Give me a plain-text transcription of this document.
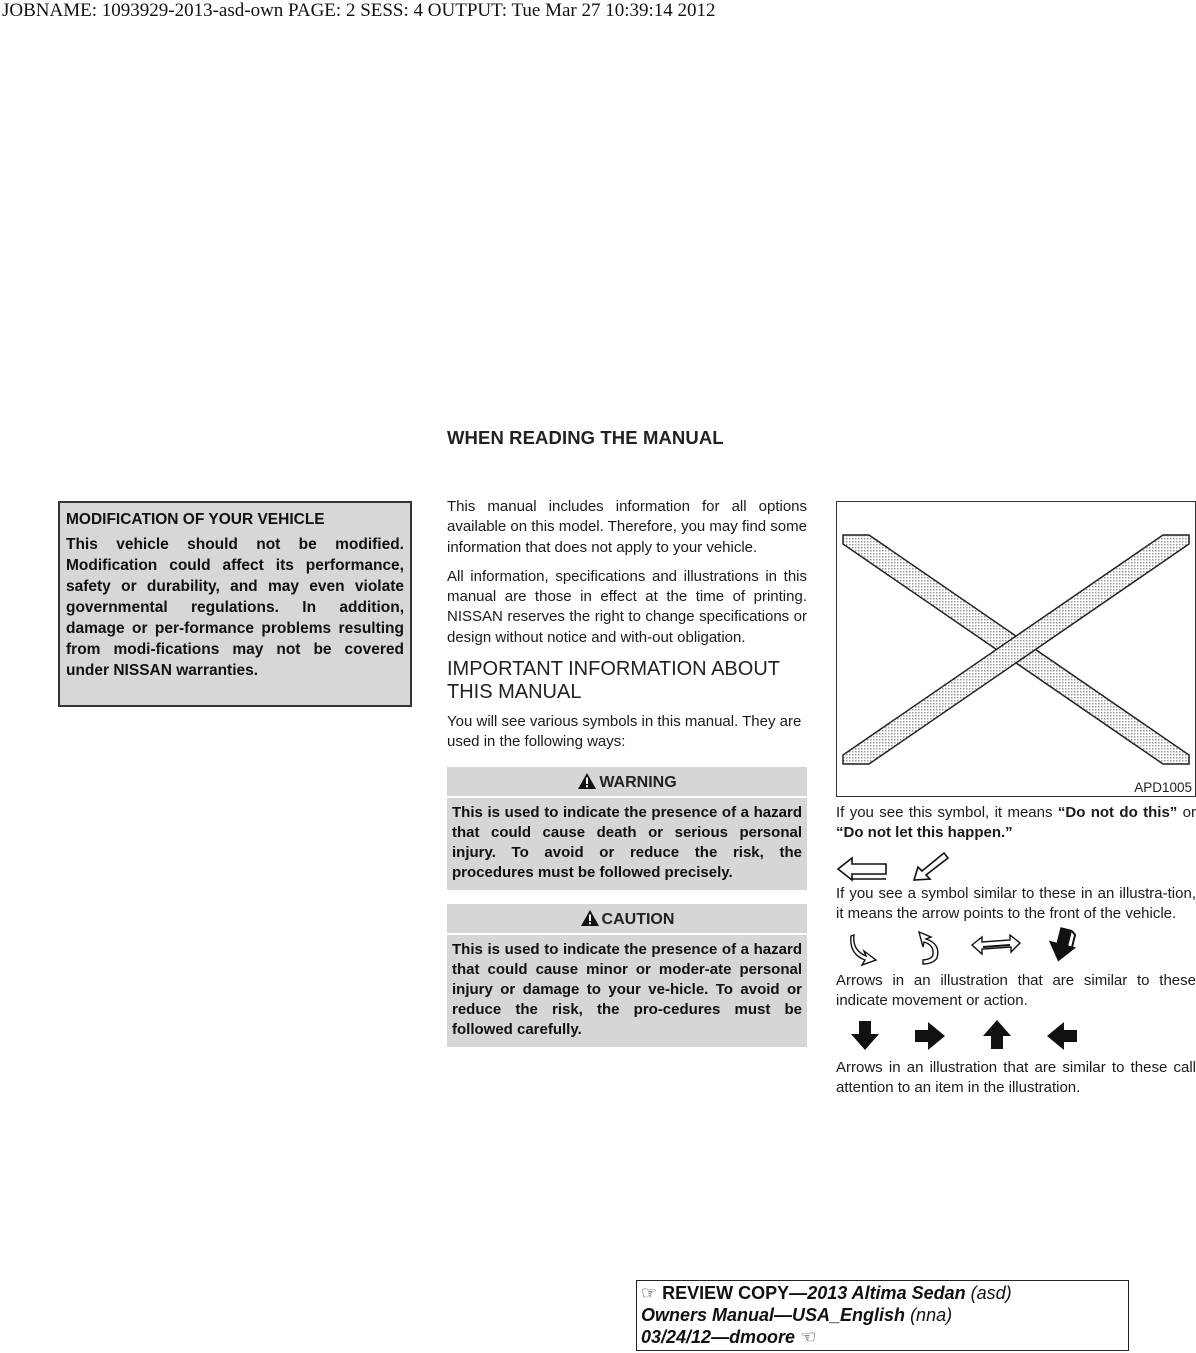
JOBNAME: 1093929-2013-asd-own PAGE: 2 SESS: 4 OUTPUT: Tue Mar 27 10:39:14 2012
WHEN READING THE MANUAL
MODIFICATION OF YOUR VEHICLE
This vehicle should not be modified. Modification could affect its performance, safety or durability, and may even violate governmental regulations. In addition, damage or per-formance problems resulting from modi-fications may not be covered under NISSAN warranties.

This manual includes information for all options available on this model. Therefore, you may find some information that does not apply to your vehicle.

All information, specifications and illustrations in this manual are those in effect at the time of printing. NISSAN reserves the right to change specifications or design without notice and with-out obligation.

IMPORTANT INFORMATION ABOUT THIS MANUAL

You will see various symbols in this manual. They are used in the following ways:

WARNING
This is used to indicate the presence of a hazard that could cause death or serious personal injury. To avoid or reduce the risk, the procedures must be followed precisely.
CAUTION
This is used to indicate the presence of a hazard that could cause minor or moder-ate personal injury or damage to your ve-hicle. To avoid or reduce the risk, the pro-cedures must be followed carefully.
APD1005

If you see this symbol, it means “Do not do this” or “Do not let this happen.”

If you see a symbol similar to these in an illustra-tion, it means the arrow points to the front of the vehicle.

Arrows in an illustration that are similar to these indicate movement or action.

Arrows in an illustration that are similar to these call attention to an item in the illustration.

☞ REVIEW COPY—2013 Altima Sedan (asd)
Owners Manual—USA_English (nna)
03/24/12—dmoore ☜
